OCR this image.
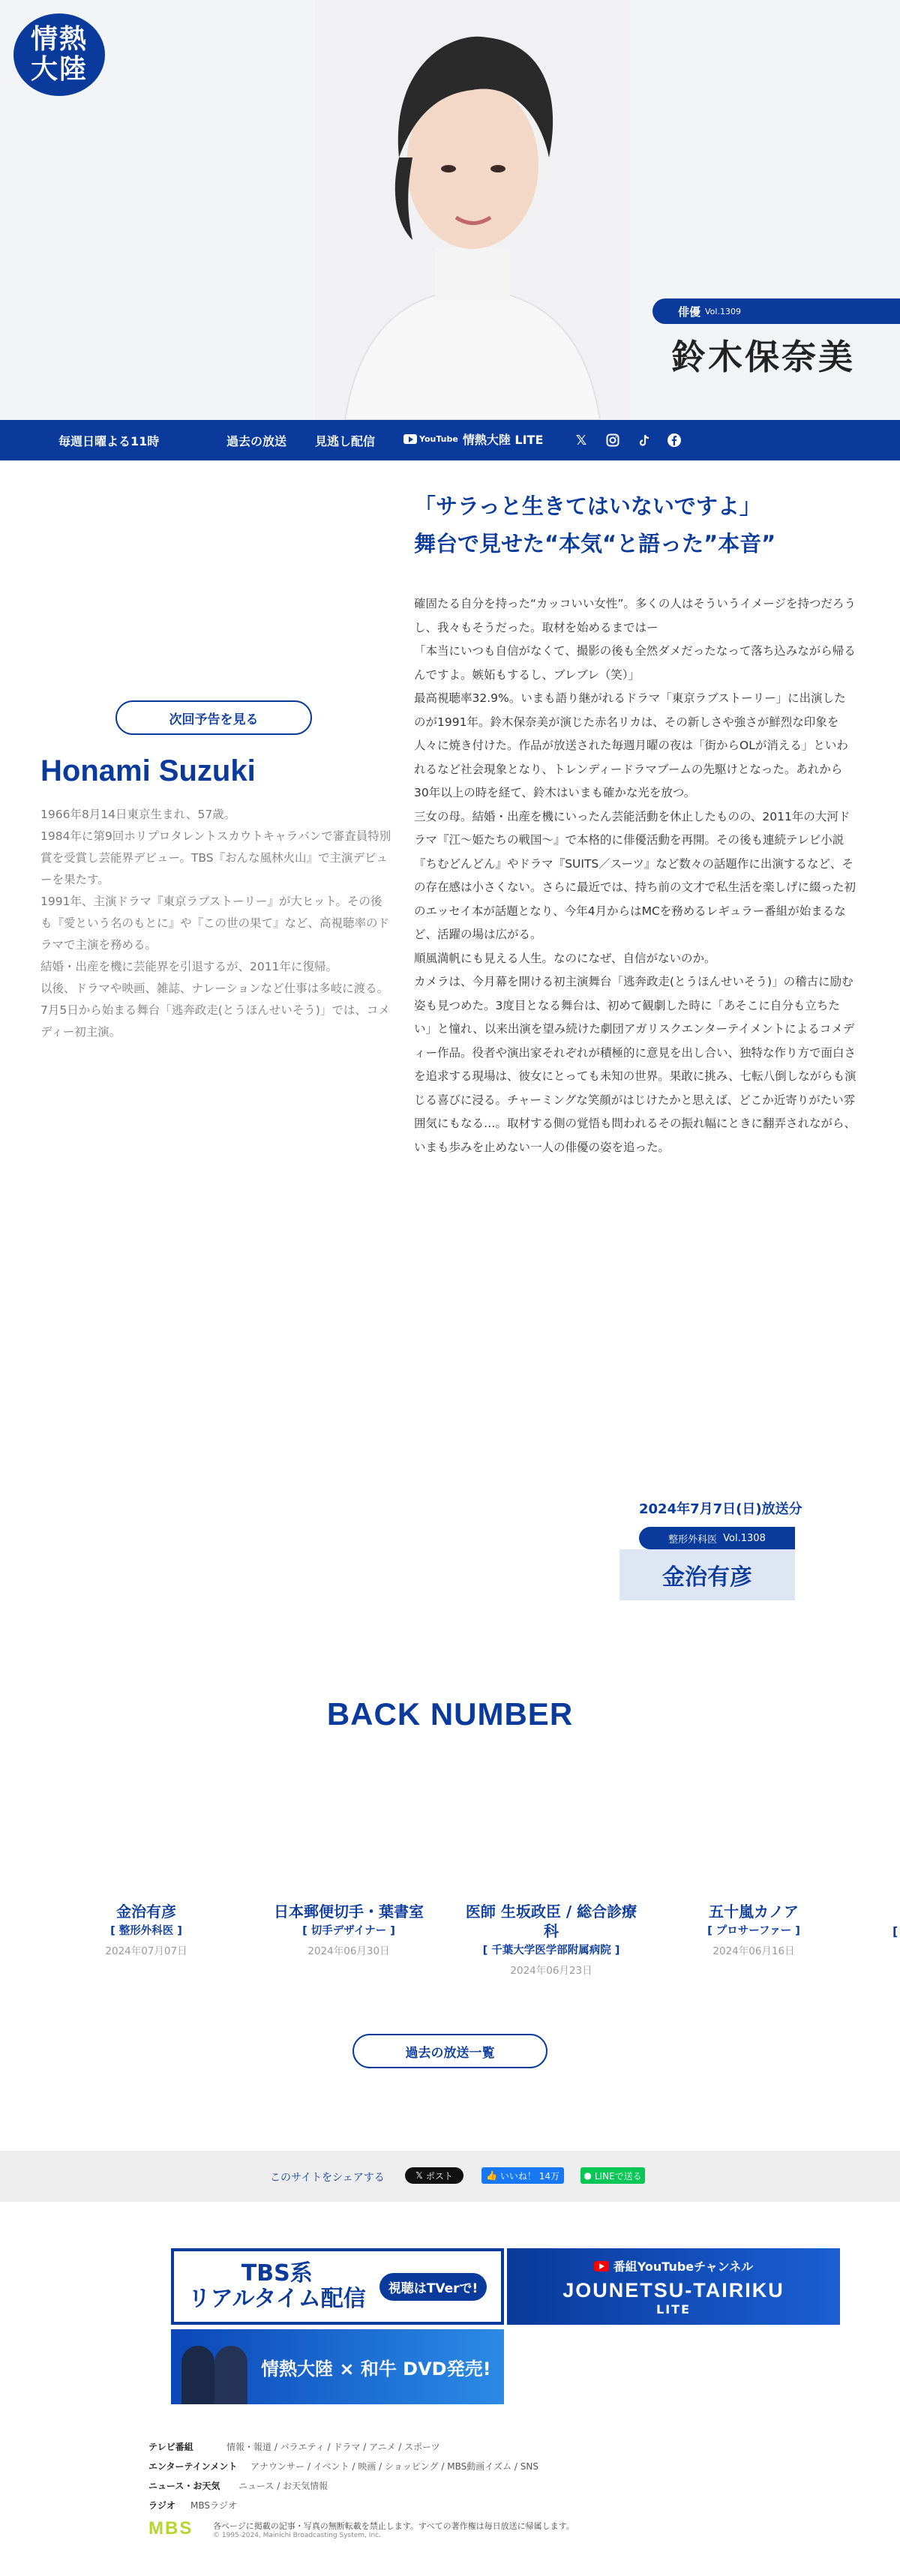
情熱大陸
俳優 Vol.1309
鈴木保奈美
毎週日曜よる11時	過去の放送 見逃し配信	YouTube 情熱大陸 LITE 𝕏
次回予告を見る
Honami Suzuki

1966年8月14日東京生まれ、57歳。

1984年に第9回ホリプロタレントスカウトキャラバンで審査員特別賞を受賞し芸能界デビュー。TBS『おんな風林火山』で主演デビューを果たす。

1991年、主演ドラマ『東京ラブストーリー』が大ヒット。その後も『愛という名のもとに』や『この世の果て』など、高視聴率のドラマで主演を務める。

結婚・出産を機に芸能界を引退するが、2011年に復帰。

以後、ドラマや映画、雑誌、ナレーションなど仕事は多岐に渡る。

7月5日から始まる舞台「逃奔政走(とうほんせいそう)」では、コメディー初主演。

「サラっと生きてはいないですよ」
舞台で見せた“本気“と語った”本音”

確固たる自分を持った“カッコいい女性”。多くの人はそういうイメージを持つだろうし、我々もそうだった。取材を始めるまではー

「本当にいつも自信がなくて、撮影の後も全然ダメだったなって落ち込みながら帰るんですよ。嫉妬もするし、ブレブレ（笑）」

最高視聴率32.9%。いまも語り継がれるドラマ「東京ラブストーリー」に出演したのが1991年。鈴木保奈美が演じた赤名リカは、その新しさや強さが鮮烈な印象を人々に焼き付けた。作品が放送された毎週月曜の夜は「街からOLが消える」といわれるなど社会現象となり、トレンディードラマブームの先駆けとなった。あれから30年以上の時を経て、鈴木はいまも確かな光を放つ。

三女の母。結婚・出産を機にいったん芸能活動を休止したものの、2011年の大河ドラマ『江〜姫たちの戦国〜』で本格的に俳優活動を再開。その後も連続テレビ小説『ちむどんどん』やドラマ『SUITS／スーツ』など数々の話題作に出演するなど、その存在感は小さくない。さらに最近では、持ち前の文才で私生活を楽しげに綴った初のエッセイ本が話題となり、今年4月からはMCを務めるレギュラー番組が始まるなど、活躍の場は広がる。

順風満帆にも見える人生。なのになぜ、自信がないのか。

カメラは、今月幕を開ける初主演舞台「逃奔政走(とうほんせいそう)」の稽古に励む姿も見つめた。3度目となる舞台は、初めて観劇した時に「あそこに自分も立ちたい」と憧れ、以来出演を望み続けた劇団アガリスクエンターテイメントによるコメディー作品。役者や演出家それぞれが積極的に意見を出し合い、独特な作り方で面白さを追求する現場は、彼女にとっても未知の世界。果敢に挑み、七転八倒しながらも演じる喜びに浸る。チャーミングな笑顔がはじけたかと思えば、どこか近寄りがたい雰囲気にもなる…。取材する側の覚悟も問われるその振れ幅にときに翻弄されながら、いまも歩みを止めない一人の俳優の姿を追った。

2024年7月7日(日)放送分
整形外科医 Vol.1308
金治有彦
BACK NUMBER
金治有彦
[ 整形外科医 ]
2024年07月07日
日本郵便切手・葉書室
[ 切手デザイナー ]
2024年06月30日
医師 生坂政臣 / 総合診療科
[ 千葉大学医学部附属病院 ]
2024年06月23日
五十嵐カノア
[ プロサーファー ]
2024年06月16日
[
過去の放送一覧
このサイトをシェアする	𝕏 ポスト	👍 いいね！ 14万	● LINEで送る
TBS系
リアルタイム配信	視聴はTVerで!
番組YouTubeチャンネル
JOUNETSU-TAIRIKU
LITE
情熱大陸 × 和牛 DVD発売!
テレビ番組	情報・報道 / バラエティ / ドラマ / アニメ / スポーツ
エンターテインメント アナウンサー / イベント / 映画 / ショッピング / MBS動画イズム / SNS
ニュース・お天気 ニュース / お天気情報
ラジオ MBSラジオ
MBS	各ページに掲載の記事・写真の無断転載を禁止します。すべての著作権は毎日放送に帰属します。
© 1995-2024, Mainichi Broadcasting System, Inc.
